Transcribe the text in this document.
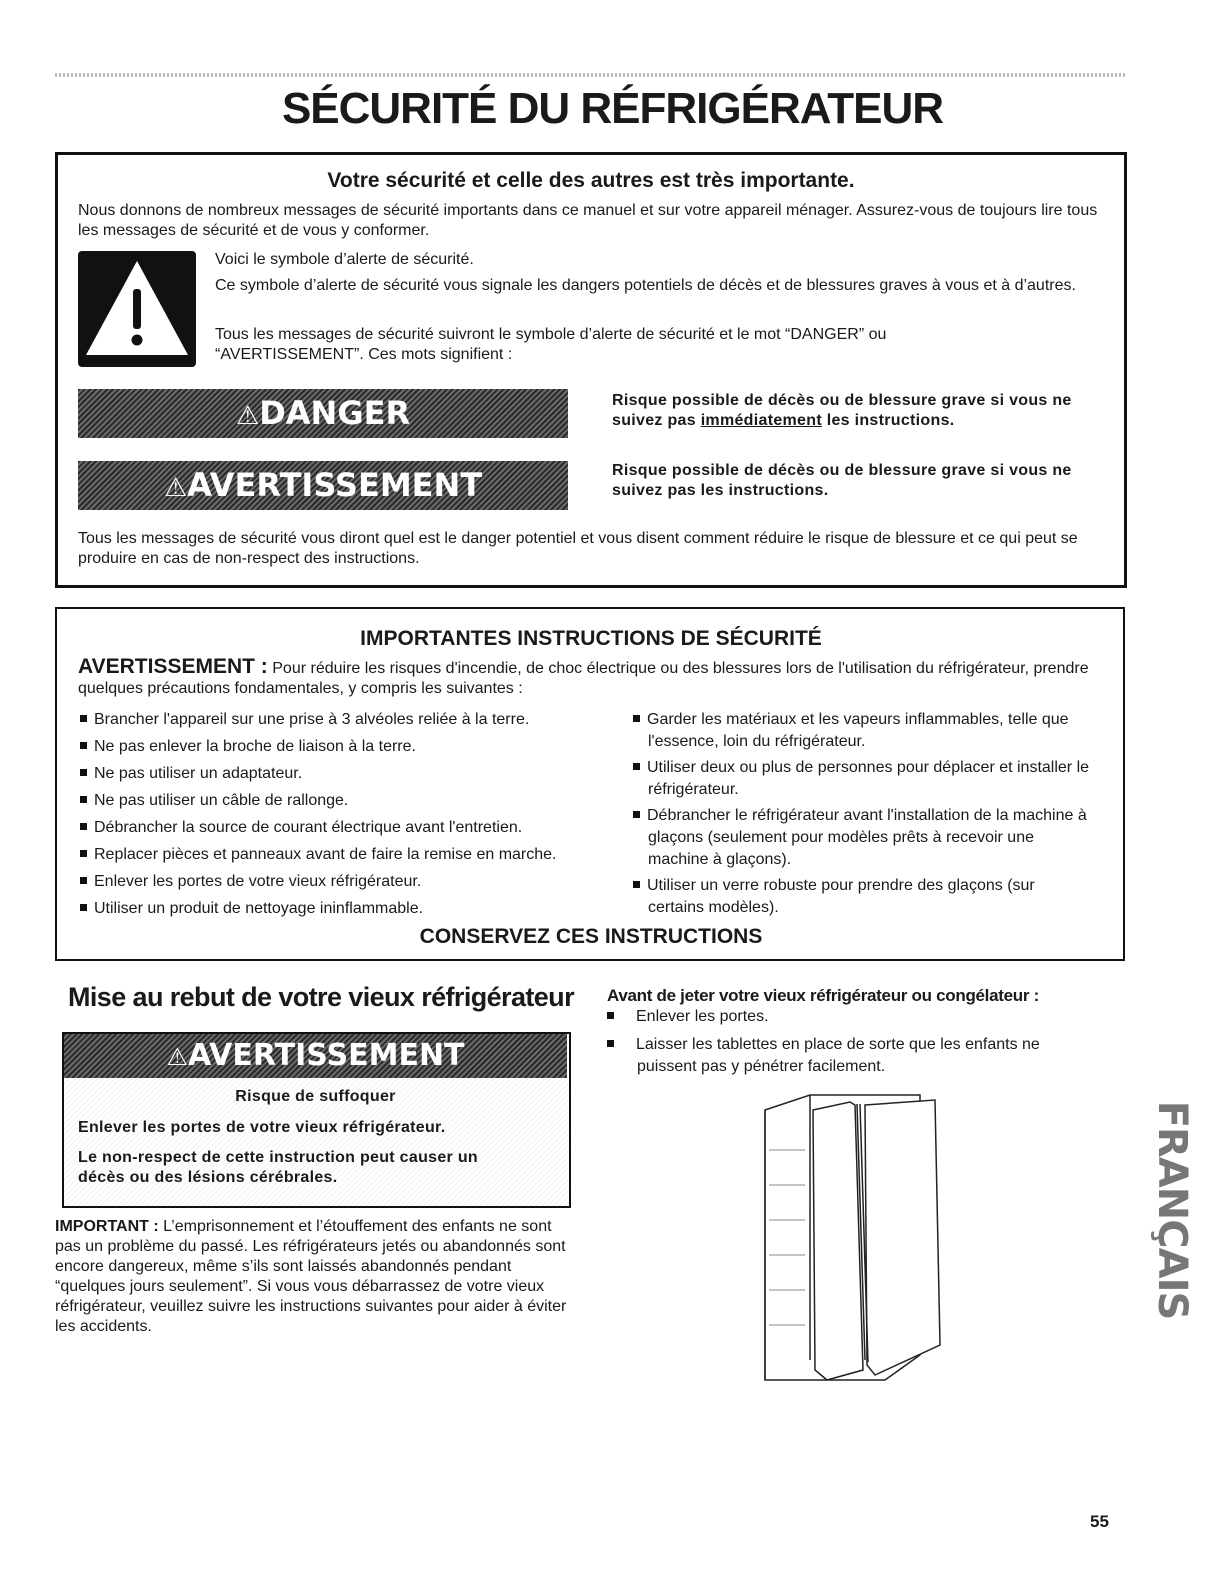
SÉCURITÉ DU RÉFRIGÉRATEUR
Votre sécurité et celle des autres est très importante.
Nous donnons de nombreux messages de sécurité importants dans ce manuel et sur votre appareil ménager. Assurez-vous de toujours lire tous les messages de sécurité et de vous y conformer.
Voici le symbole d’alerte de sécurité.
Ce symbole d’alerte de sécurité vous signale les dangers potentiels de décès et de blessures graves à vous et à d’autres.
Tous les messages de sécurité suivront le symbole d’alerte de sécurité et le mot “DANGER” ou “AVERTISSEMENT”. Ces mots signifient :
⚠DANGER	Risque possible de décès ou de blessure grave si vous ne suivez pas immédiatement les instructions.
⚠AVERTISSEMENT	Risque possible de décès ou de blessure grave si vous ne suivez pas les instructions.
Tous les messages de sécurité vous diront quel est le danger potentiel et vous disent comment réduire le risque de blessure et ce qui peut se produire en cas de non-respect des instructions.
IMPORTANTES INSTRUCTIONS DE SÉCURITÉ
AVERTISSEMENT : Pour réduire les risques d'incendie, de choc électrique ou des blessures lors de l'utilisation du réfrigérateur, prendre quelques précautions fondamentales, y compris les suivantes :
Brancher l'appareil sur une prise à 3 alvéoles reliée à la terre.
Ne pas enlever la broche de liaison à la terre.
Ne pas utiliser un adaptateur.
Ne pas utiliser un câble de rallonge.
Débrancher la source de courant électrique avant l'entretien.
Replacer pièces et panneaux avant de faire la remise en marche.
Enlever les portes de votre vieux réfrigérateur.
Utiliser un produit de nettoyage ininflammable.
Garder les matériaux et les vapeurs inflammables, telle que l'essence, loin du réfrigérateur.
Utiliser deux ou plus de personnes pour déplacer et installer le réfrigérateur.
Débrancher le réfrigérateur avant l'installation de la machine à glaçons (seulement pour modèles prêts à recevoir une machine à glaçons).
Utiliser un verre robuste pour prendre des glaçons (sur certains modèles).
CONSERVEZ CES INSTRUCTIONS
Mise au rebut de votre vieux réfrigérateur
⚠AVERTISSEMENT
Risque de suffoquer
Enlever les portes de votre vieux réfrigérateur.
Le non-respect de cette instruction peut causer un décès ou des lésions cérébrales.
IMPORTANT : L’emprisonnement et l’étouffement des enfants ne sont pas un problème du passé. Les réfrigérateurs jetés ou abandonnés sont encore dangereux, même s’ils sont laissés abandonnés pendant “quelques jours seulement”. Si vous vous débarrassez de votre vieux réfrigérateur, veuillez suivre les instructions suivantes pour aider à éviter les accidents.
Avant de jeter votre vieux réfrigérateur ou congélateur :
Enlever les portes.
Laisser les tablettes en place de sorte que les enfants ne puissent pas y pénétrer facilement.
FRANÇAIS
55
